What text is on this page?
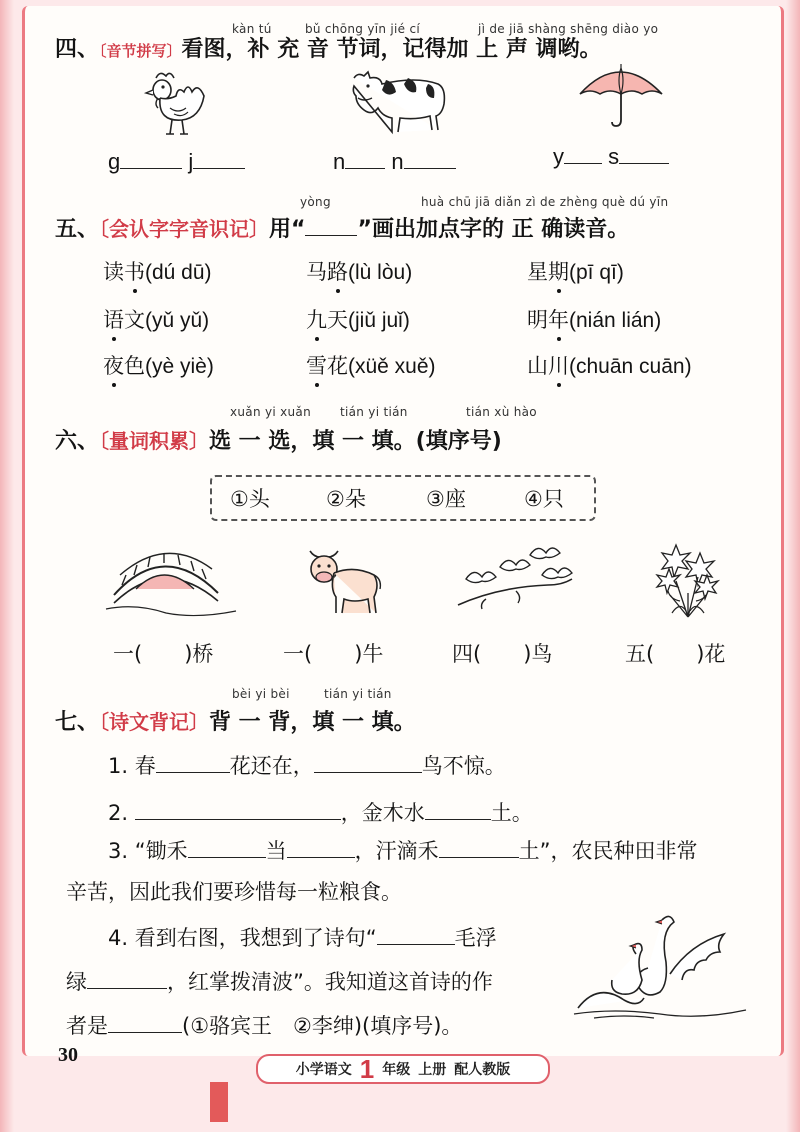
kàn tú	bǔ chōng yīn jié cí	jì de jiā shàng shēng diào yo
四、〔音节拼写〕看图，补 充 音 节词，记得加 上 声 调哟。
g	j	n n	y s
yòng	huà chū jiā diǎn zì de zhèng què dú yīn
五、〔会认字字音识记〕用“ ”画出加点字的 正 确读音。
读书(dú dū)	马路(lù lòu)	星期(pī qī)
语文(yǔ yǔ)	九天(jiǔ juǐ)	明年(nián lián)
夜色(yè yiè)	雪花(xüě xuě)	山川(chuān cuān)
xuǎn yi xuǎn tián yi tián	tián xù hào
六、〔量词积累〕选 一 选，填 一 填。(填序号)
①头	②朵	③座	④只
一( )桥	一( )牛	四( )鸟	五( )花
bèi yi bèi	tián yi tián
七、〔诗文背记〕背 一 背，填 一 填。
1. 春	花还在，	鸟不惊。
2.	，金木水	土。
3. “锄禾	当	，汗滴禾	土”，农民种田非常
辛苦，因此我们要珍惜每一粒粮食。
4. 看到右图，我想到了诗句“	毛浮
绿	，红掌拨清波”。我知道这首诗的作
者是	(①骆宾王　②李绅)(填序号)。
30
小学语文 1 年级 上册 配人教版
